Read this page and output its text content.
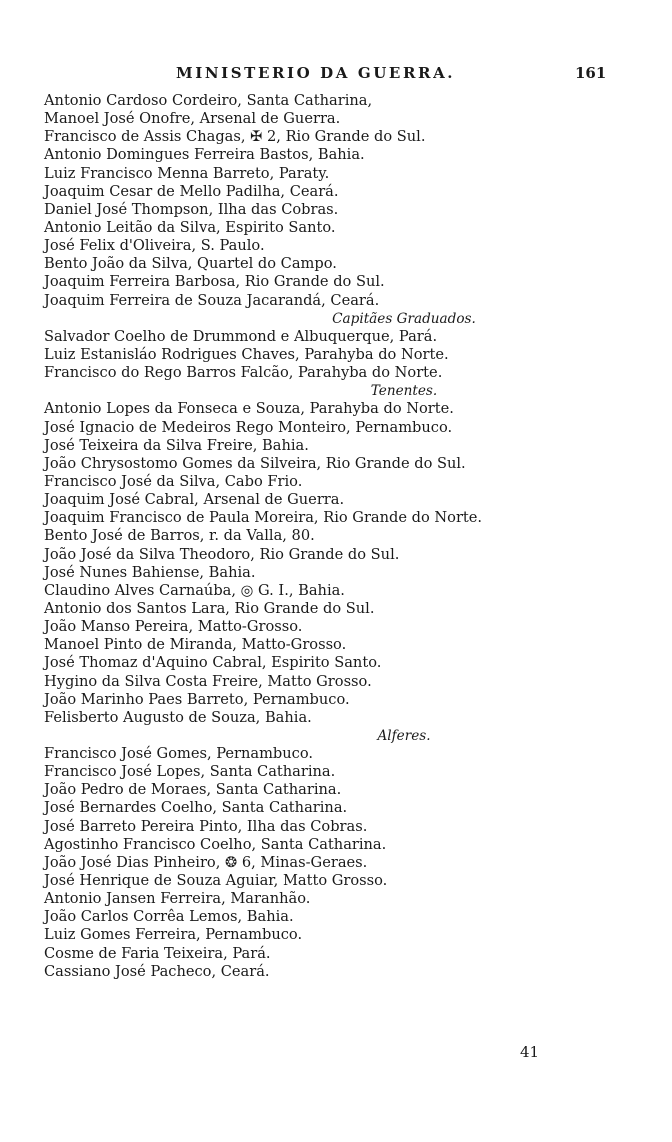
MINISTERIO DA GUERRA.	161
Antonio Cardoso Cordeiro, Santa Catharina,
Manoel José Onofre, Arsenal de Guerra.
Francisco de Assis Chagas, ✠ 2, Rio Grande do Sul.
Antonio Domingues Ferreira Bastos, Bahia.
Luiz Francisco Menna Barreto, Paraty.
Joaquim Cesar de Mello Padilha, Ceará.
Daniel José Thompson, Ilha das Cobras.
Antonio Leitão da Silva, Espirito Santo.
José Felix d'Oliveira, S. Paulo.
Bento João da Silva, Quartel do Campo.
Joaquim Ferreira Barbosa, Rio Grande do Sul.
Joaquim Ferreira de Souza Jacarandá, Ceará.
Capitães Graduados.
Salvador Coelho de Drummond e Albuquerque, Pará.
Luiz Estanisláo Rodrigues Chaves, Parahyba do Norte.
Francisco do Rego Barros Falcão, Parahyba do Norte.
Tenentes.
Antonio Lopes da Fonseca e Souza, Parahyba do Norte.
José Ignacio de Medeiros Rego Monteiro, Pernambuco.
José Teixeira da Silva Freire, Bahia.
João Chrysostomo Gomes da Silveira, Rio Grande do Sul.
Francisco José da Silva, Cabo Frio.
Joaquim José Cabral, Arsenal de Guerra.
Joaquim Francisco de Paula Moreira, Rio Grande do Norte.
Bento José de Barros, r. da Valla, 80.
João José da Silva Theodoro, Rio Grande do Sul.
José Nunes Bahiense, Bahia.
Claudino Alves Carnaúba, ◎ G. I., Bahia.
Antonio dos Santos Lara, Rio Grande do Sul.
João Manso Pereira, Matto-Grosso.
Manoel Pinto de Miranda, Matto-Grosso.
José Thomaz d'Aquino Cabral, Espirito Santo.
Hygino da Silva Costa Freire, Matto Grosso.
João Marinho Paes Barreto, Pernambuco.
Felisberto Augusto de Souza, Bahia.
Alferes.
Francisco José Gomes, Pernambuco.
Francisco José Lopes, Santa Catharina.
João Pedro de Moraes, Santa Catharina.
José Bernardes Coelho, Santa Catharina.
José Barreto Pereira Pinto, Ilha das Cobras.
Agostinho Francisco Coelho, Santa Catharina.
João José Dias Pinheiro, ❂ 6, Minas-Geraes.
José Henrique de Souza Aguiar, Matto Grosso.
Antonio Jansen Ferreira, Maranhão.
João Carlos Corrêa Lemos, Bahia.
Luiz Gomes Ferreira, Pernambuco.
Cosme de Faria Teixeira, Pará.
Cassiano José Pacheco, Ceará.
41
